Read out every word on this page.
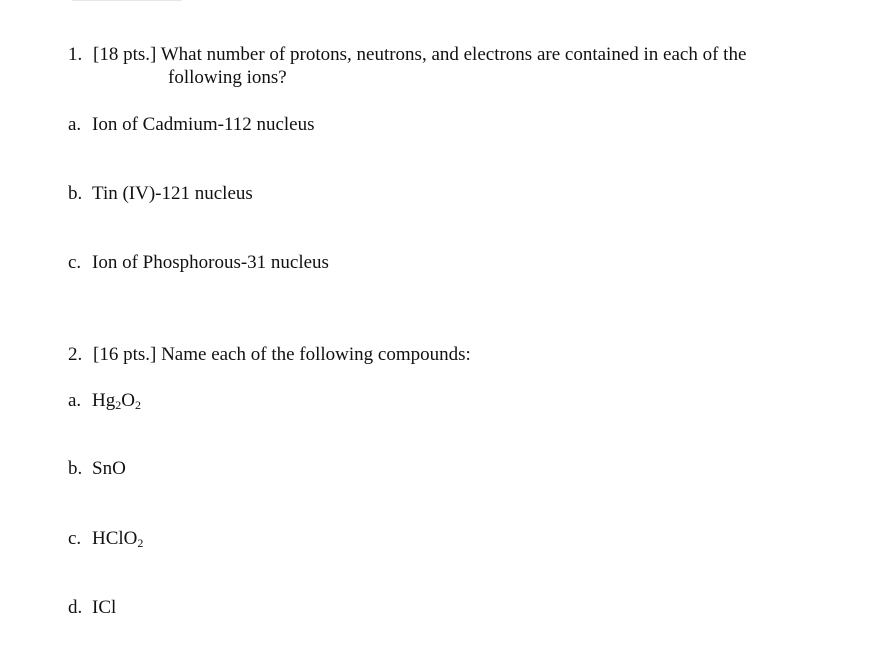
1. [18 pts.] What number of protons, neutrons, and electrons are contained in each of the
following ions?
a. Ion of Cadmium-112 nucleus
b. Tin (IV)-121 nucleus
c. Ion of Phosphorous-31 nucleus
2. [16 pts.] Name each of the following compounds:
a. $Hg_2O_2$
b. SnO
c. HClO$_2$
d. ICl
